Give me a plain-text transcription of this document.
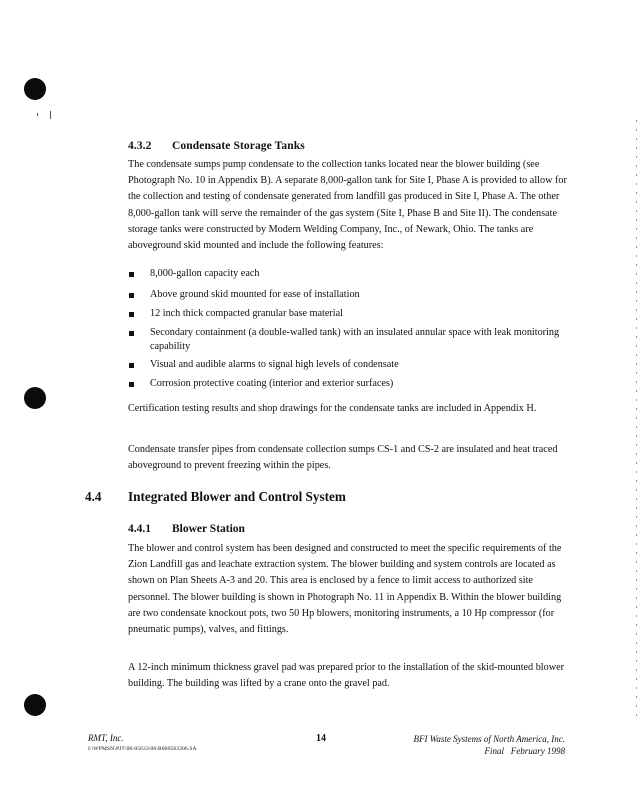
4.3.2 Condensate Storage Tanks
The condensate sumps pump condensate to the collection tanks located near the blower building (see Photograph No. 10 in Appendix B). A separate 8,000-gallon tank for Site I, Phase A is provided to allow for the collection and testing of condensate generated from landfill gas produced in Site I, Phase A. The other 8,000-gallon tank will serve the remainder of the gas system (Site I, Phase B and Site II). The condensate storage tanks were constructed by Modern Welding Company, Inc., of Newark, Ohio. The tanks are aboveground skid mounted and include the following features:
8,000-gallon capacity each
Above ground skid mounted for ease of installation
12 inch thick compacted granular base material
Secondary containment (a double-walled tank) with an insulated annular space with leak monitoring capability
Visual and audible alarms to signal high levels of condensate
Corrosion protective coating (interior and exterior surfaces)
Certification testing results and shop drawings for the condensate tanks are included in Appendix H.
Condensate transfer pipes from condensate collection sumps CS-1 and CS-2 are insulated and heat traced aboveground to prevent freezing within the pipes.
4.4 Integrated Blower and Control System
4.4.1 Blower Station
The blower and control system has been designed and constructed to meet the specific requirements of the Zion Landfill gas and leachate extraction system. The blower building and system controls are located as shown on Plan Sheets A-3 and 20. This area is enclosed by a fence to limit access to authorized site personnel. The blower building is shown in Photograph No. 11 in Appendix B. Within the blower building are two condensate knockout pots, two 50 Hp blowers, monitoring instruments, a 10 Hp compressor (for pneumatic pumps), valves, and fittings.
A 12-inch minimum thickness gravel pad was prepared prior to the installation of the skid-mounted blower building. The building was lifted by a crane onto the gravel pad.
RMT, Inc.
I:\WPMSN\PJT\00-05633\06\R000563306.SA
14	BFI Waste Systems of North America, Inc.
Final   February 1998
